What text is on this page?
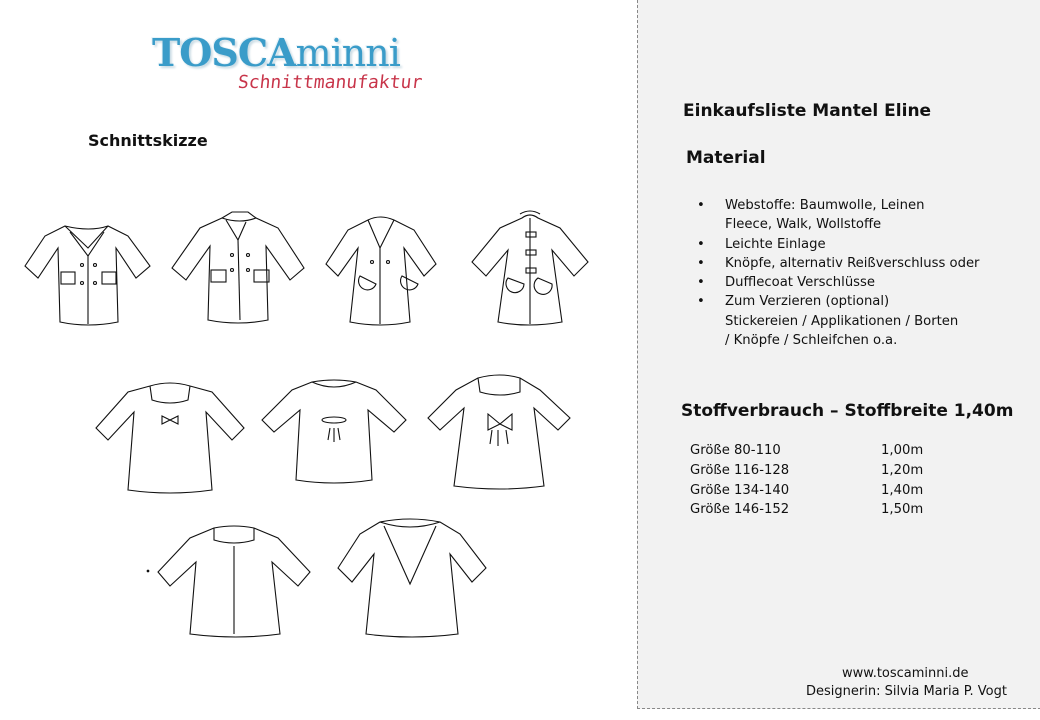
TOSCAminni
Schnittmanufaktur
Schnittskizze
Einkaufsliste Mantel Eline
Material
• Webstoffe: Baumwolle, Leinen
Fleece, Walk, Wollstoffe
• Leichte Einlage
• Knöpfe, alternativ Reißverschluss oder
• Dufflecoat Verschlüsse
• Zum Verzieren (optional)
Stickereien / Applikationen / Borten
/ Knöpfe / Schleifchen o.a.
Stoffverbrauch – Stoffbreite 1,40m
Größe 80-110	1,00m
Größe 116-128	1,20m
Größe 134-140	1,40m
Größe 146-152	1,50m
www.toscaminni.de
Designerin: Silvia Maria P. Vogt
